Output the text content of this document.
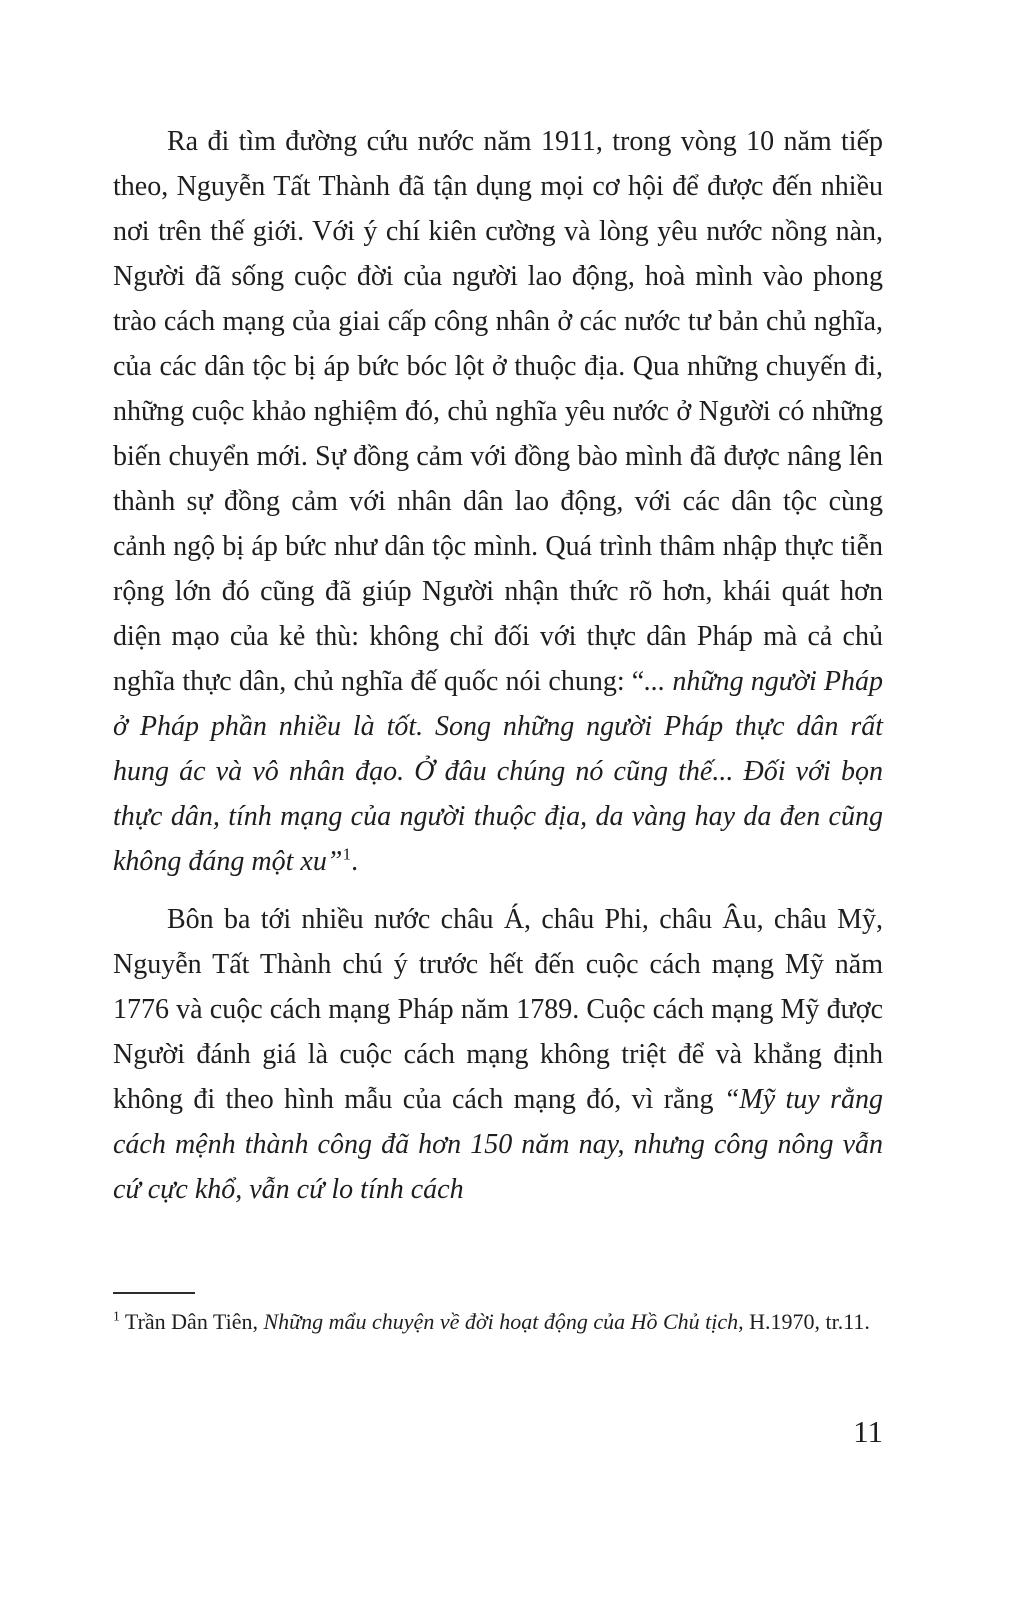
Ra đi tìm đường cứu nước năm 1911, trong vòng 10 năm tiếp theo, Nguyễn Tất Thành đã tận dụng mọi cơ hội để được đến nhiều nơi trên thế giới. Với ý chí kiên cường và lòng yêu nước nồng nàn, Người đã sống cuộc đời của người lao động, hoà mình vào phong trào cách mạng của giai cấp công nhân ở các nước tư bản chủ nghĩa, của các dân tộc bị áp bức bóc lột ở thuộc địa. Qua những chuyến đi, những cuộc khảo nghiệm đó, chủ nghĩa yêu nước ở Người có những biến chuyển mới. Sự đồng cảm với đồng bào mình đã được nâng lên thành sự đồng cảm với nhân dân lao động, với các dân tộc cùng cảnh ngộ bị áp bức như dân tộc mình. Quá trình thâm nhập thực tiễn rộng lớn đó cũng đã giúp Người nhận thức rõ hơn, khái quát hơn diện mạo của kẻ thù: không chỉ đối với thực dân Pháp mà cả chủ nghĩa thực dân, chủ nghĩa đế quốc nói chung: “... những người Pháp ở Pháp phần nhiều là tốt. Song những người Pháp thực dân rất hung ác và vô nhân đạo. Ở đâu chúng nó cũng thế... Đối với bọn thực dân, tính mạng của người thuộc địa, da vàng hay da đen cũng không đáng một xu”$^1$.

Bôn ba tới nhiều nước châu Á, châu Phi, châu Âu, châu Mỹ, Nguyễn Tất Thành chú ý trước hết đến cuộc cách mạng Mỹ năm 1776 và cuộc cách mạng Pháp năm 1789. Cuộc cách mạng Mỹ được Người đánh giá là cuộc cách mạng không triệt để và khẳng định không đi theo hình mẫu của cách mạng đó, vì rằng “Mỹ tuy rằng cách mệnh thành công đã hơn 150 năm nay, nhưng công nông vẫn cứ cực khổ, vẫn cứ lo tính cách

$^1$ Trần Dân Tiên, Những mẩu chuyện về đời hoạt động của Hồ Chủ tịch, H.1970, tr.11.
11
